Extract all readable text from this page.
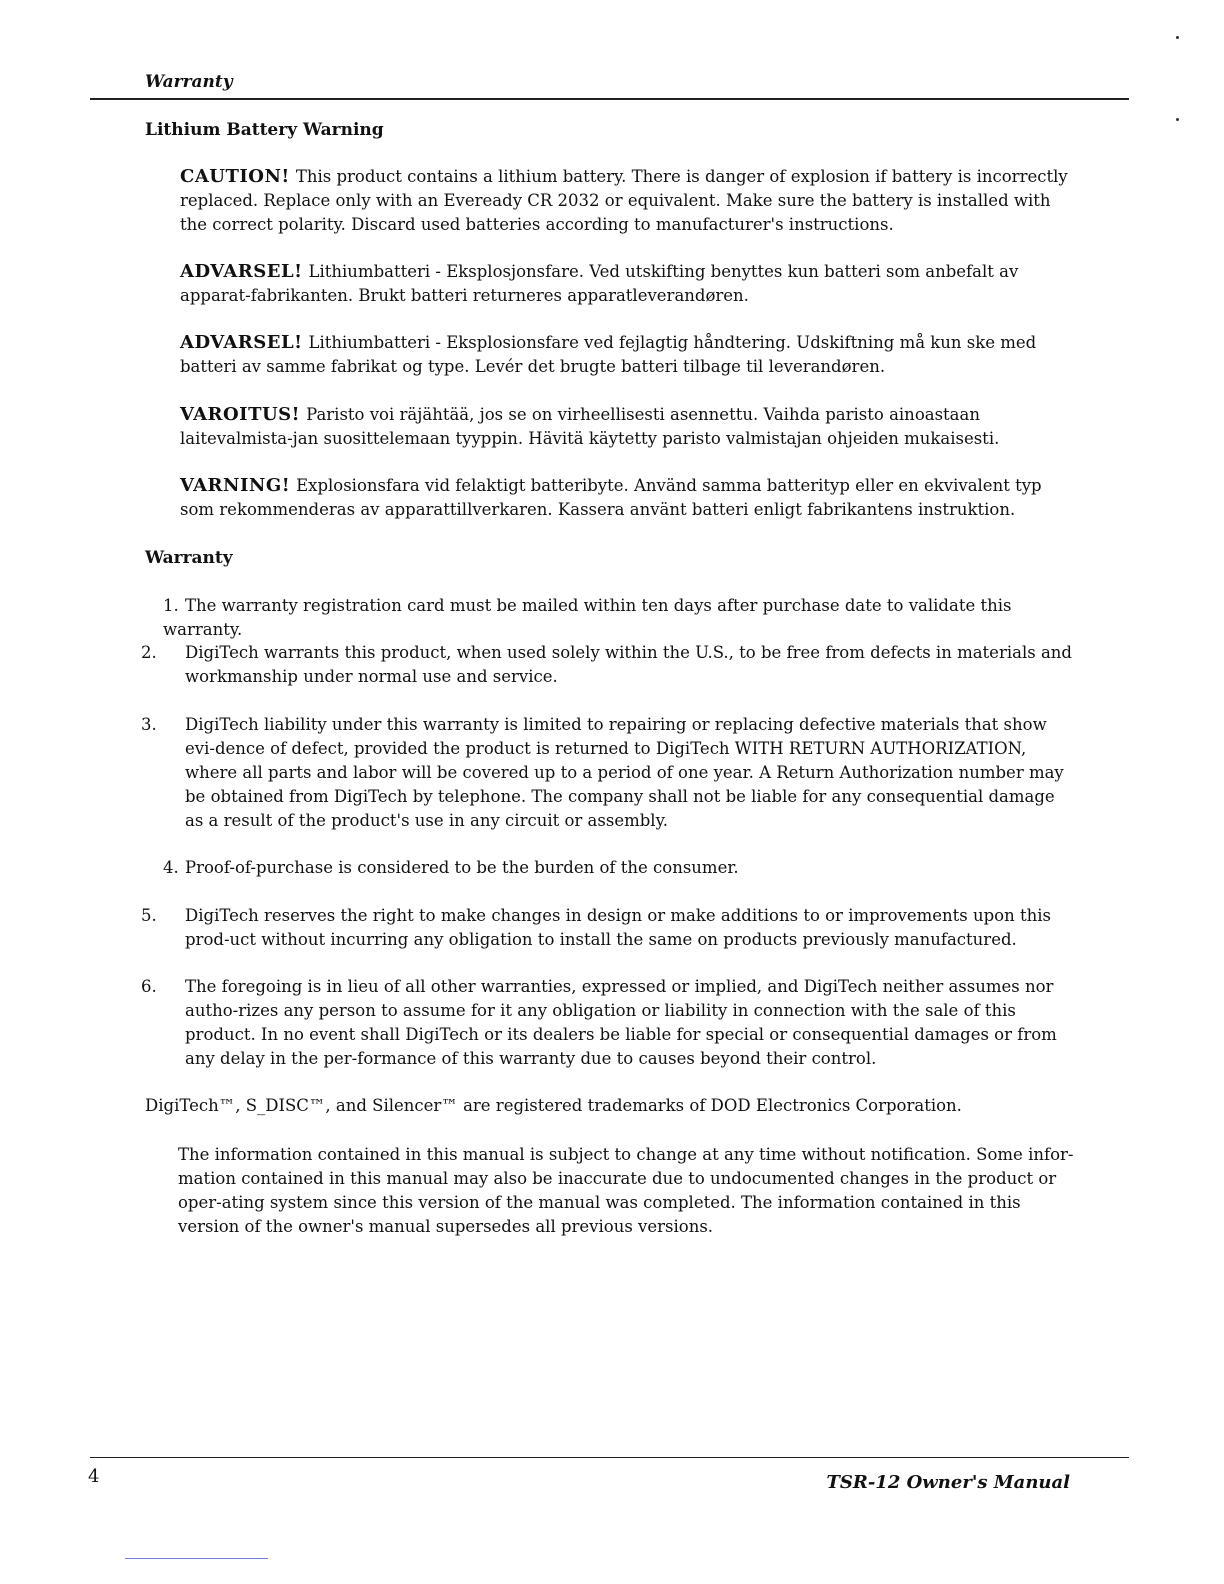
Warranty
Lithium Battery Warning
CAUTION! This product contains a lithium battery. There is danger of explosion if battery is incorrectly replaced. Replace only with an Eveready CR 2032 or equivalent. Make sure the battery is installed with the correct polarity. Discard used batteries according to manufacturer's instructions.
ADVARSEL! Lithiumbatteri - Eksplosjonsfare. Ved utskifting benyttes kun batteri som anbefalt av apparat-fabrikanten. Brukt batteri returneres apparatleverandøren.
ADVARSEL! Lithiumbatteri - Eksplosionsfare ved fejlagtig håndtering. Udskiftning må kun ske med batteri av samme fabrikat og type. Levér det brugte batteri tilbage til leverandøren.
VAROITUS! Paristo voi räjähtää, jos se on virheellisesti asennettu. Vaihda paristo ainoastaan laitevalmista-jan suosittelemaan tyyppin. Hävitä käytetty paristo valmistajan ohjeiden mukaisesti.
VARNING! Explosionsfara vid felaktigt batteribyte. Använd samma batterityp eller en ekvivalent typ som rekommenderas av apparattillverkaren. Kassera använt batteri enligt fabrikantens instruktion.
Warranty
1. The warranty registration card must be mailed within ten days after purchase date to validate this warranty.
2. DigiTech warrants this product, when used solely within the U.S., to be free from defects in materials and workmanship under normal use and service.
3. DigiTech liability under this warranty is limited to repairing or replacing defective materials that show evi-dence of defect, provided the product is returned to DigiTech WITH RETURN AUTHORIZATION, where all parts and labor will be covered up to a period of one year. A Return Authorization number may be obtained from DigiTech by telephone. The company shall not be liable for any consequential damage as a result of the product's use in any circuit or assembly.
4. Proof-of-purchase is considered to be the burden of the consumer.
5. DigiTech reserves the right to make changes in design or make additions to or improvements upon this prod-uct without incurring any obligation to install the same on products previously manufactured.
6. The foregoing is in lieu of all other warranties, expressed or implied, and DigiTech neither assumes nor autho-rizes any person to assume for it any obligation or liability in connection with the sale of this product. In no event shall DigiTech or its dealers be liable for special or consequential damages or from any delay in the per-formance of this warranty due to causes beyond their control.
DigiTech™, S_DISC™, and Silencer™ are registered trademarks of DOD Electronics Corporation.
The information contained in this manual is subject to change at any time without notification. Some infor-mation contained in this manual may also be inaccurate due to undocumented changes in the product or oper-ating system since this version of the manual was completed. The information contained in this version of the owner's manual supersedes all previous versions.
4	TSR-12 Owner's Manual
